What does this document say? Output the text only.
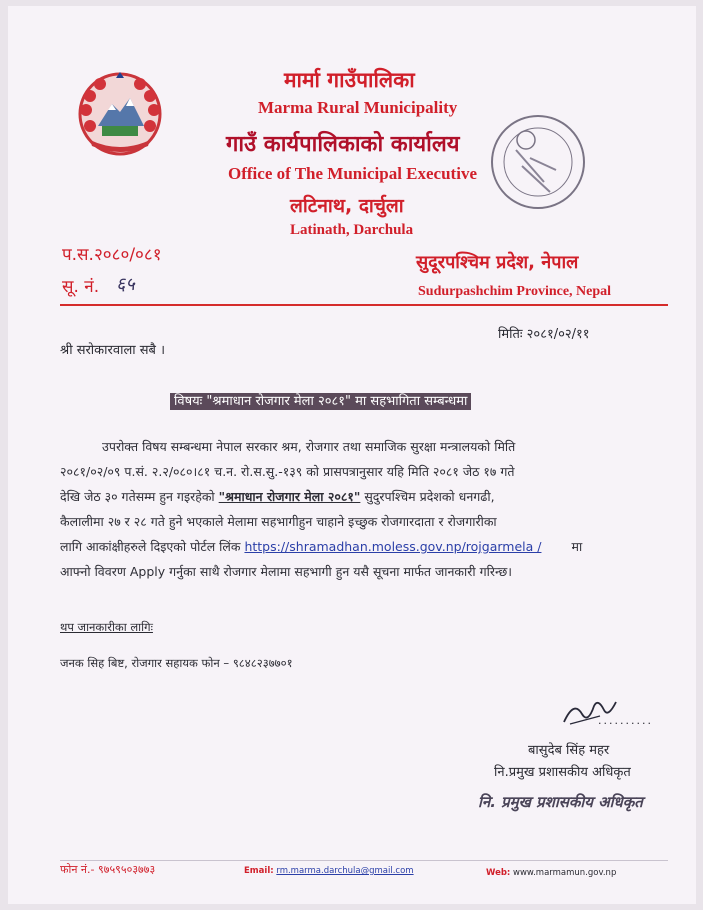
मार्मा गाउँपालिका
Marma Rural Municipality
गाउँ कार्यपालिकाको कार्यालय
Office of The Municipal Executive
लटिनाथ, दार्चुला
Latinath, Darchula
प.स.२०८०/०८१
सू. नं. ६५
सुदूरपश्चिम प्रदेश, नेपाल
Sudurpashchim Province, Nepal
मितिः २०८१/०२/११
श्री सरोकारवाला सबै ।
विषयः "श्रमाधान रोजगार मेला २०८१" मा सहभागिता सम्बन्धमा
उपरोक्त विषय सम्बन्धमा नेपाल सरकार श्रम, रोजगार तथा समाजिक सुरक्षा मन्त्रालयको मिति
२०८१/०२/०९ प.सं. २.२/०८०।८१ च.न. रो.स.सु.-१३९ को प्रासपत्रानुसार यहि मिति २०८१ जेठ १७ गते
देखि जेठ ३० गतेसम्म हुन गइरहेको "श्रमाधान रोजगार मेला २०८१" सुदुरपश्चिम प्रदेशको धनगढी,
कैलालीमा २७ र २८ गते हुने भएकाले मेलामा सहभागीहुन चाहाने इच्छुक रोजगारदाता र रोजगारीका
लागि आकांक्षीहरुले दिइएको पोर्टल लिंक https://shramadhan.moless.gov.np/rojgarmela / मा
आफ्नो विवरण Apply गर्नुका साथै रोजगार मेलामा सहभागी हुन यसै सूचना मार्फत जानकारी गरिन्छ।
थप जानकारीका लागिः
जनक सिह बिष्ट, रोजगार सहायक फोन – ९८४८२३७७०१
..........
बासुदेब सिंह महर
नि.प्रमुख प्रशासकीय अधिकृत
नि. प्रमुख प्रशासकीय अधिकृत
फोन नं.- ९७५९५०३७७३	Email: rm.marma.darchula@gmail.com	Web: www.marmamun.gov.np
